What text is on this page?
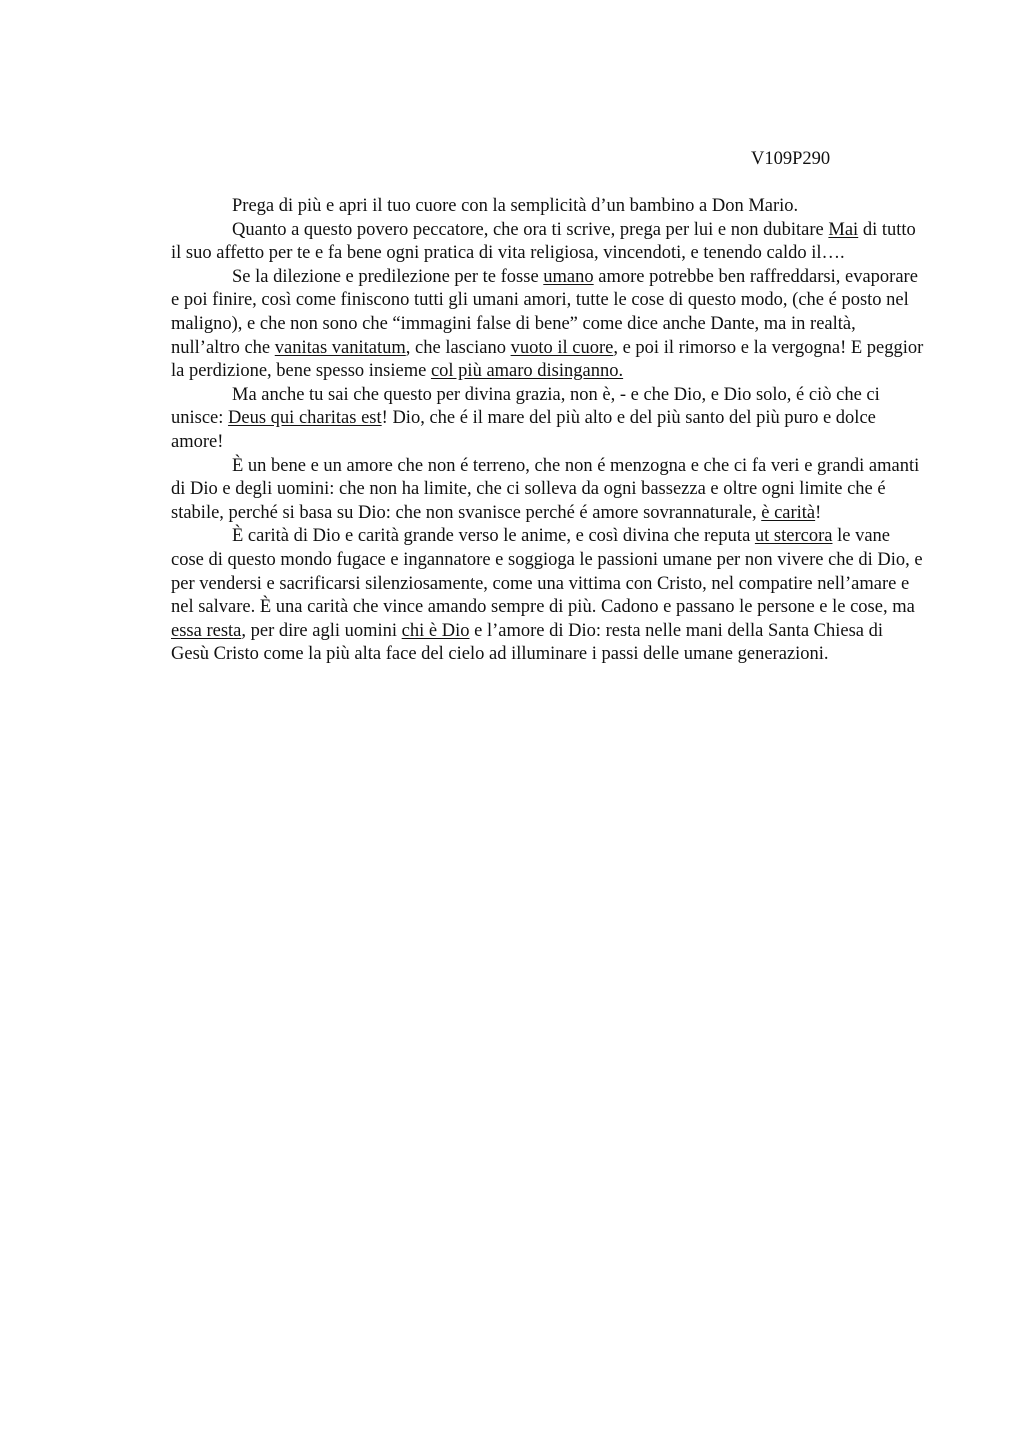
V109P290

Prega di più e apri il tuo cuore con la semplicità d’un bambino a Don Mario.

Quanto a questo povero peccatore, che ora ti scrive, prega per lui e non dubitare Mai di tutto il suo affetto per te e fa bene ogni pratica di vita religiosa, vincendoti, e tenendo caldo il….

Se la dilezione e predilezione per te fosse umano amore potrebbe ben raffreddarsi, evaporare e poi finire, così come finiscono tutti gli umani amori, tutte le cose di questo modo, (che é posto nel maligno), e che non sono che “immagini false di bene” come dice anche Dante, ma in realtà, null’altro che vanitas vanitatum, che lasciano vuoto il cuore, e poi il rimorso e la vergogna! E peggior la perdizione, bene spesso insieme col più amaro disinganno.

Ma anche tu sai che questo per divina grazia, non è, - e che Dio, e Dio solo, é ciò che ci unisce: Deus qui charitas est! Dio, che é il mare del più alto e del più santo del più puro e dolce amore!

È un bene e un amore che non é terreno, che non é menzogna e che ci fa veri e grandi amanti di Dio e degli uomini: che non ha limite, che ci solleva da ogni bassezza e oltre ogni limite che é stabile, perché si basa su Dio: che non svanisce perché é amore sovrannaturale, è carità!

È carità di Dio e carità grande verso le anime, e così divina che reputa ut stercora le vane cose di questo mondo fugace e ingannatore e soggioga le passioni umane per non vivere che di Dio, e per vendersi e sacrificarsi silenziosamente, come una vittima con Cristo, nel compatire nell’amare e nel salvare. È una carità che vince amando sempre di più. Cadono e passano le persone e le cose, ma essa resta, per dire agli uomini chi è Dio e l’amore di Dio: resta nelle mani della Santa Chiesa di Gesù Cristo come la più alta face del cielo ad illuminare i passi delle umane generazioni.
